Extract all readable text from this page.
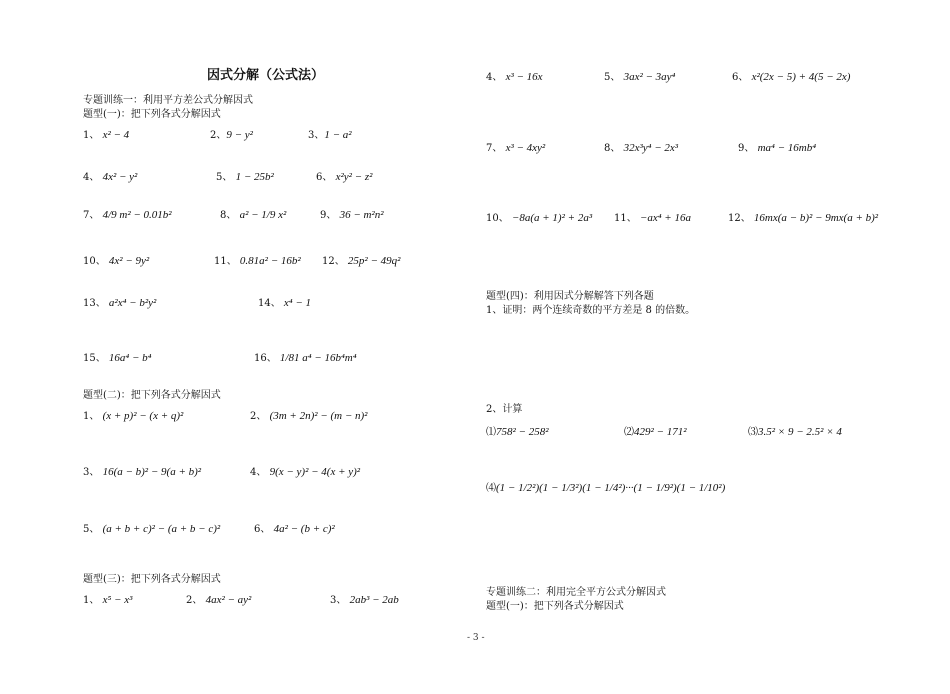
因式分解（公式法）
专题训练一：利用平方差公式分解因式
题型(一)：把下列各式分解因式
1、 x² − 4	2、9 − y²	3、1 − a²
4、 4x² − y²	5、 1 − 25b²	6、 x²y² − z²
7、 4/9 m² − 0.01b²	8、 a² − 1/9 x²	9、 36 − m²n²
10、 4x² − 9y²	11、 0.81a² − 16b² 12、 25p² − 49q²
13、 a²x⁴ − b²y²	14、 x⁴ − 1
15、 16a⁴ − b⁴	16、 1/81 a⁴ − 16b⁴m⁴
题型(二)：把下列各式分解因式
1、 (x + p)² − (x + q)²	2、 (3m + 2n)² − (m − n)²
3、 16(a − b)² − 9(a + b)²	4、 9(x − y)² − 4(x + y)²
5、 (a + b + c)² − (a + b − c)²	6、 4a² − (b + c)²
题型(三)：把下列各式分解因式
1、 x⁵ − x³	2、 4ax² − ay²	3、 2ab³ − 2ab
4、 x³ − 16x	5、 3ax² − 3ay⁴	6、 x²(2x − 5) + 4(5 − 2x)
7、 x³ − 4xy²	8、 32x³y⁴ − 2x³	9、 ma⁴ − 16mb⁴
10、 −8a(a + 1)² + 2a³ 11、 −ax⁴ + 16a	12、 16mx(a − b)² − 9mx(a + b)²
题型(四)：利用因式分解解答下列各题
1、证明：两个连续奇数的平方差是 8 的倍数。
2、计算
⑴758² − 258²	⑵429² − 171²	⑶3.5² × 9 − 2.5² × 4
⑷(1 − 1/2²)(1 − 1/3²)(1 − 1/4²)···(1 − 1/9²)(1 − 1/10²)
专题训练二：利用完全平方公式分解因式
题型(一)：把下列各式分解因式
- 3 -
